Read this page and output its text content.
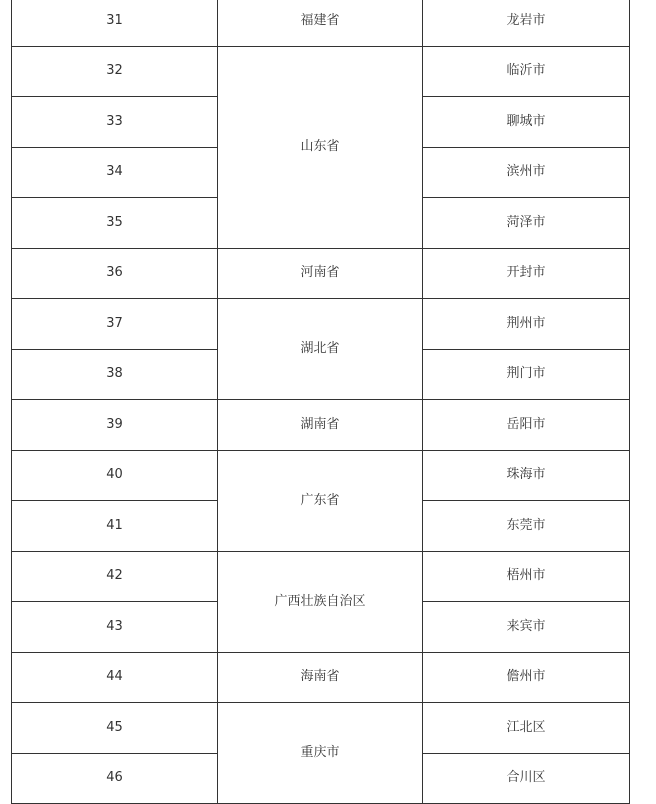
31	福建省	龙岩市
32	山东省	临沂市
33		聊城市
34		滨州市
35		菏泽市
36	河南省	开封市
37	湖北省	荆州市
38		荆门市
39	湖南省	岳阳市
40	广东省	珠海市
41		东莞市
42	广西壮族自治区	梧州市
43		来宾市
44	海南省	儋州市
45	重庆市	江北区
46		合川区
